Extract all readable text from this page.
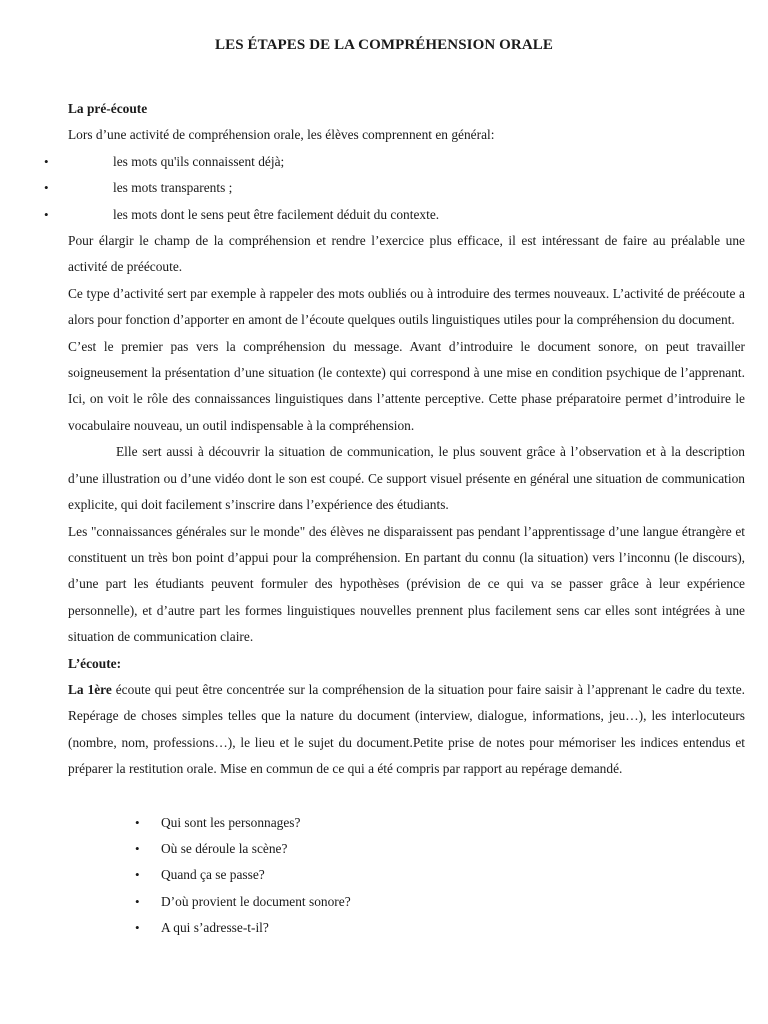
LES ÉTAPES DE LA COMPRÉHENSION ORALE

La pré-écoute

Lors d’une activité de compréhension orale, les élèves comprennent en général:

• les mots qu'ils connaissent déjà;
• les mots transparents ;
• les mots dont le sens peut être facilement déduit du contexte.

Pour élargir le champ de la compréhension et rendre l’exercice plus efficace, il est intéressant de faire au préalable une activité de préécoute.

Ce type d’activité sert par exemple à rappeler des mots oubliés ou à introduire des termes nouveaux. L’activité de préécoute a alors pour fonction d’apporter en amont de l’écoute quelques outils linguistiques utiles pour la compréhension du document.

C’est le premier pas vers la compréhension du message. Avant d’introduire le document sonore, on peut travailler soigneusement la présentation d’une situation (le contexte) qui correspond à une mise en condition psychique de l’apprenant. Ici, on voit le rôle des connaissances linguistiques dans l’attente perceptive. Cette phase préparatoire permet d’introduire le vocabulaire nouveau, un outil indispensable à la compréhension.

Elle sert aussi à découvrir la situation de communication, le plus souvent grâce à l’observation et à la description d’une illustration ou d’une vidéo dont le son est coupé. Ce support visuel présente en général une situation de communication explicite, qui doit facilement s’inscrire dans l’expérience des étudiants.

Les "connaissances générales sur le monde" des élèves ne disparaissent pas pendant l’apprentissage d’une langue étrangère et constituent un très bon point d’appui pour la compréhension. En partant du connu (la situation) vers l’inconnu (le discours), d’une part les étudiants peuvent formuler des hypothèses (prévision de ce qui va se passer grâce à leur expérience personnelle), et d’autre part les formes linguistiques nouvelles prennent plus facilement sens car elles sont intégrées à une situation de communication claire.

L’écoute:

La 1ère écoute qui peut être concentrée sur la compréhension de la situation pour faire saisir à l’apprenant le cadre du texte. Repérage de choses simples telles que la nature du document (interview, dialogue, informations, jeu…), les interlocuteurs (nombre, nom, professions…), le lieu et le sujet du document.Petite prise de notes pour mémoriser les indices entendus et préparer la restitution orale. Mise en commun de ce qui a été compris par rapport au repérage demandé.

• Qui sont les personnages?
• Où se déroule la scène?
• Quand ça se passe?
• D’où provient le document sonore?
• A qui s’adresse-t-il?
